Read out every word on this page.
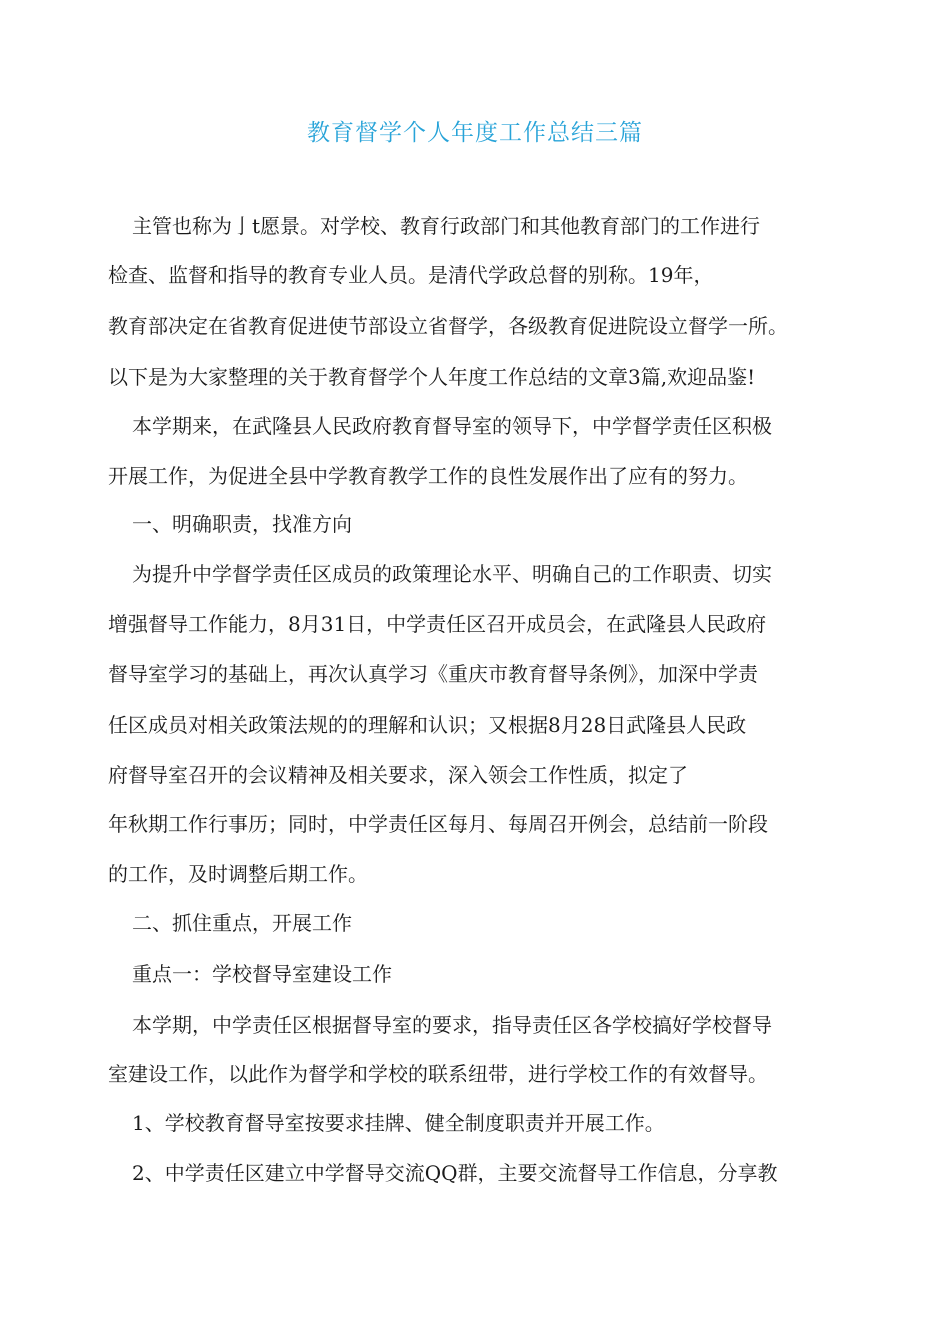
教育督学个人年度工作总结三篇

主管也称为亅t愿景。对学校、教育行政部门和其他教育部门的工作进行

检查、监督和指导的教育专业人员。是清代学政总督的别称。19年，

教育部决定在省教育促进使节部设立省督学，各级教育促进院设立督学一所。

以下是为大家整理的关于教育督学个人年度工作总结的文章3篇,欢迎品鉴!

本学期来，在武隆县人民政府教育督导室的领导下，中学督学责任区积极

开展工作，为促进全县中学教育教学工作的良性发展作出了应有的努力。

一、明确职责，找准方向

为提升中学督学责任区成员的政策理论水平、明确自己的工作职责、切实

增强督导工作能力，8月31日，中学责任区召开成员会，在武隆县人民政府

督导室学习的基础上，再次认真学习《重庆市教育督导条例》，加深中学责

任区成员对相关政策法规的的理解和认识；又根据8月28日武隆县人民政

府督导室召开的会议精神及相关要求，深入领会工作性质，拟定了

年秋期工作行事历；同时，中学责任区每月、每周召开例会，总结前一阶段

的工作，及时调整后期工作。

二、抓住重点，开展工作

重点一：学校督导室建设工作

本学期，中学责任区根据督导室的要求，指导责任区各学校搞好学校督导

室建设工作，以此作为督学和学校的联系纽带，进行学校工作的有效督导。

1、学校教育督导室按要求挂牌、健全制度职责并开展工作。

2、中学责任区建立中学督导交流QQ群，主要交流督导工作信息，分享教
